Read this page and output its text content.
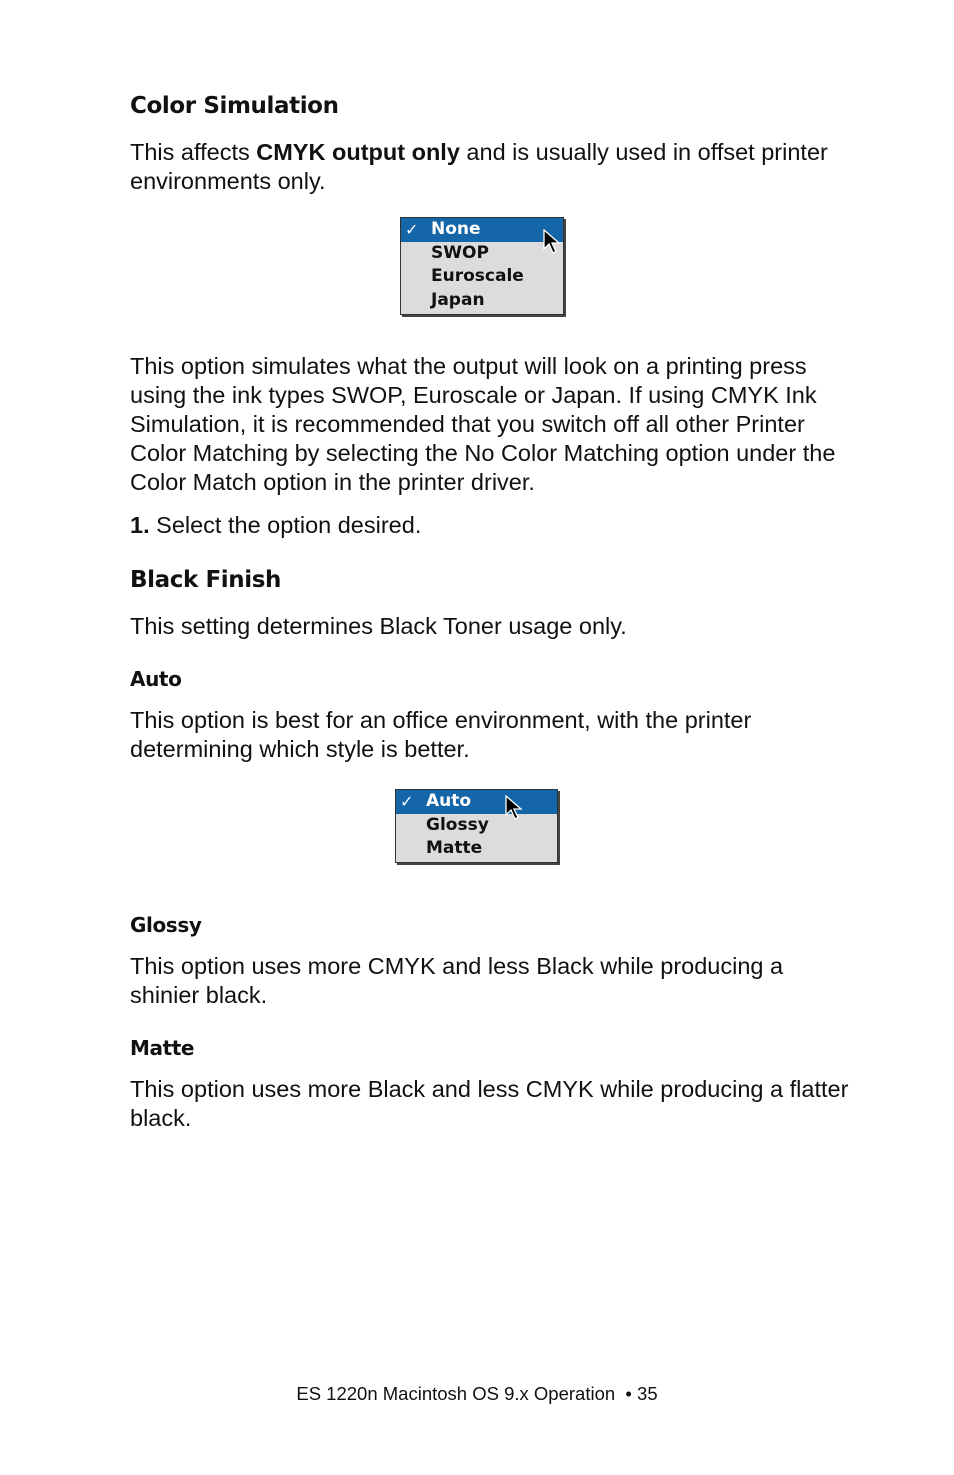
Color Simulation

This affects CMYK output only and is usually used in offset printer
environments only.

✓ None
SWOP
Euroscale
Japan

This option simulates what the output will look on a printing press
using the ink types SWOP, Euroscale or Japan. If using CMYK Ink
Simulation, it is recommended that you switch off all other Printer
Color Matching by selecting the No Color Matching option under the
Color Match option in the printer driver.

1. Select the option desired.

Black Finish

This setting determines Black Toner usage only.

Auto

This option is best for an office environment, with the printer
determining which style is better.

✓ Auto
Glossy
Matte
Glossy

This option uses more CMYK and less Black while producing a
shinier black.

Matte

This option uses more Black and less CMYK while producing a flatter
black.

ES 1220n Macintosh OS 9.x Operation  • 35
